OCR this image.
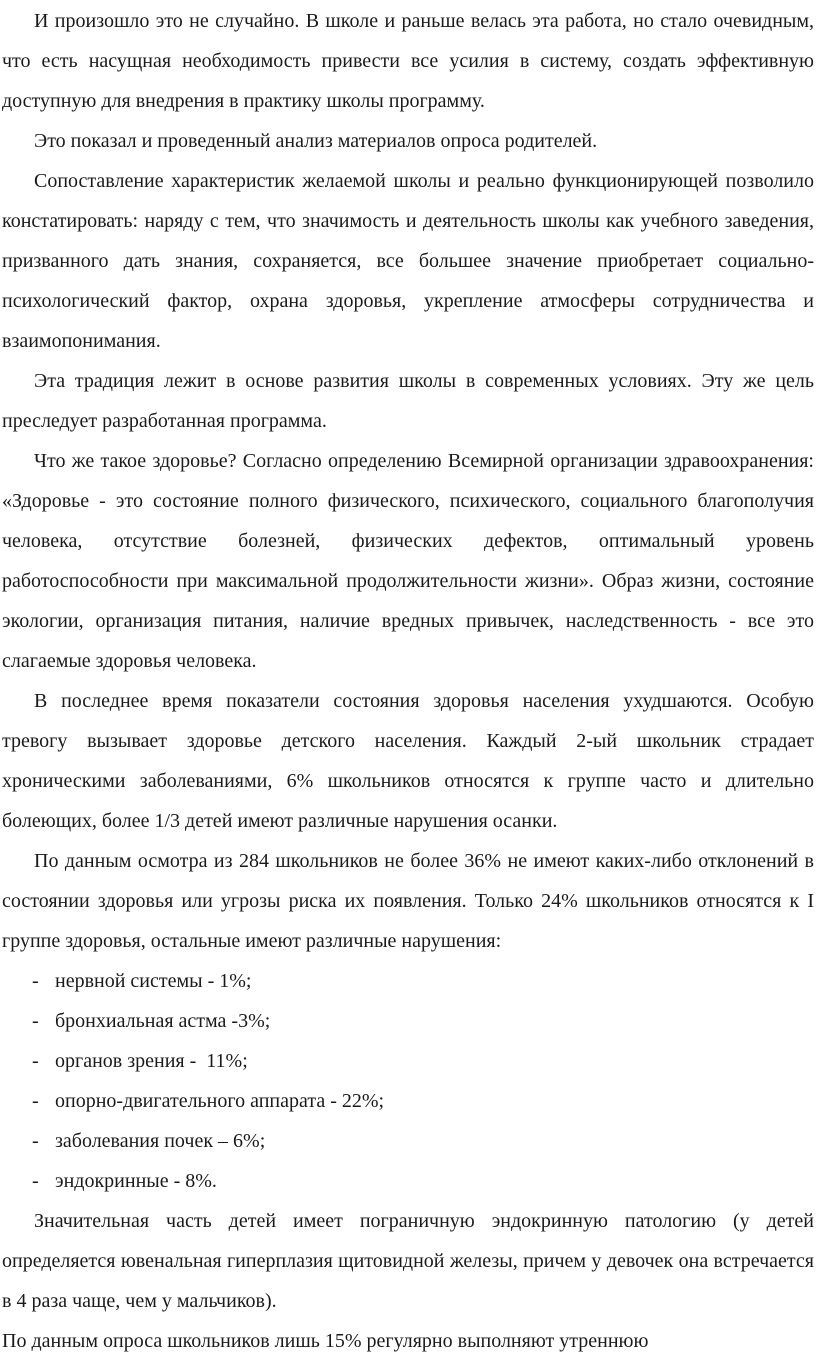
И произошло это не случайно. В школе и раньше велась эта работа, но стало очевидным, что есть насущная необходимость привести все усилия в систему, создать эффективную доступную для внедрения в практику школы программу.

Это показал и проведенный анализ материалов опроса родителей.

Сопоставление характеристик желаемой школы и реально функционирующей позволило констатировать: наряду с тем, что значимость и деятельность школы как учебного заведения, призванного дать знания, сохраняется, все большее значение приобретает социально-психологический фактор, охрана здоровья, укрепление атмосферы сотрудничества и взаимопонимания.

Эта традиция лежит в основе развития школы в современных условиях. Эту же цель преследует разработанная программа.

Что же такое здоровье? Согласно определению Всемирной организации здравоохранения: «Здоровье - это состояние полного физического, психического, социального благополучия человека, отсутствие болезней, физических дефектов, оптимальный уровень работоспособности при максимальной продолжительности жизни». Образ жизни, состояние экологии, организация питания, наличие вредных привычек, наследственность - все это слагаемые здоровья человека.

В последнее время показатели состояния здоровья населения ухудшаются. Особую тревогу вызывает здоровье детского населения. Каждый 2-ый школьник страдает хроническими заболеваниями, 6% школьников относятся к группе часто и длительно болеющих, более 1/3 детей имеют различные нарушения осанки.

По данным осмотра из 284 школьников не более 36% не имеют каких-либо отклонений в состоянии здоровья или угрозы риска их появления. Только 24% школьников относятся к I группе здоровья, остальные имеют различные нарушения:

- нервной системы - 1%;
- бронхиальная астма -3%;
- органов зрения -  11%;
- опорно-двигательного аппарата - 22%;
- заболевания почек – 6%;
- эндокринные - 8%.

Значительная часть детей имеет пограничную эндокринную патологию (у детей определяется ювенальная гиперплазия щитовидной железы, причем у девочек она встречается в 4 раза чаще, чем у мальчиков).

По данным опроса школьников лишь 15% регулярно выполняют утреннюю
